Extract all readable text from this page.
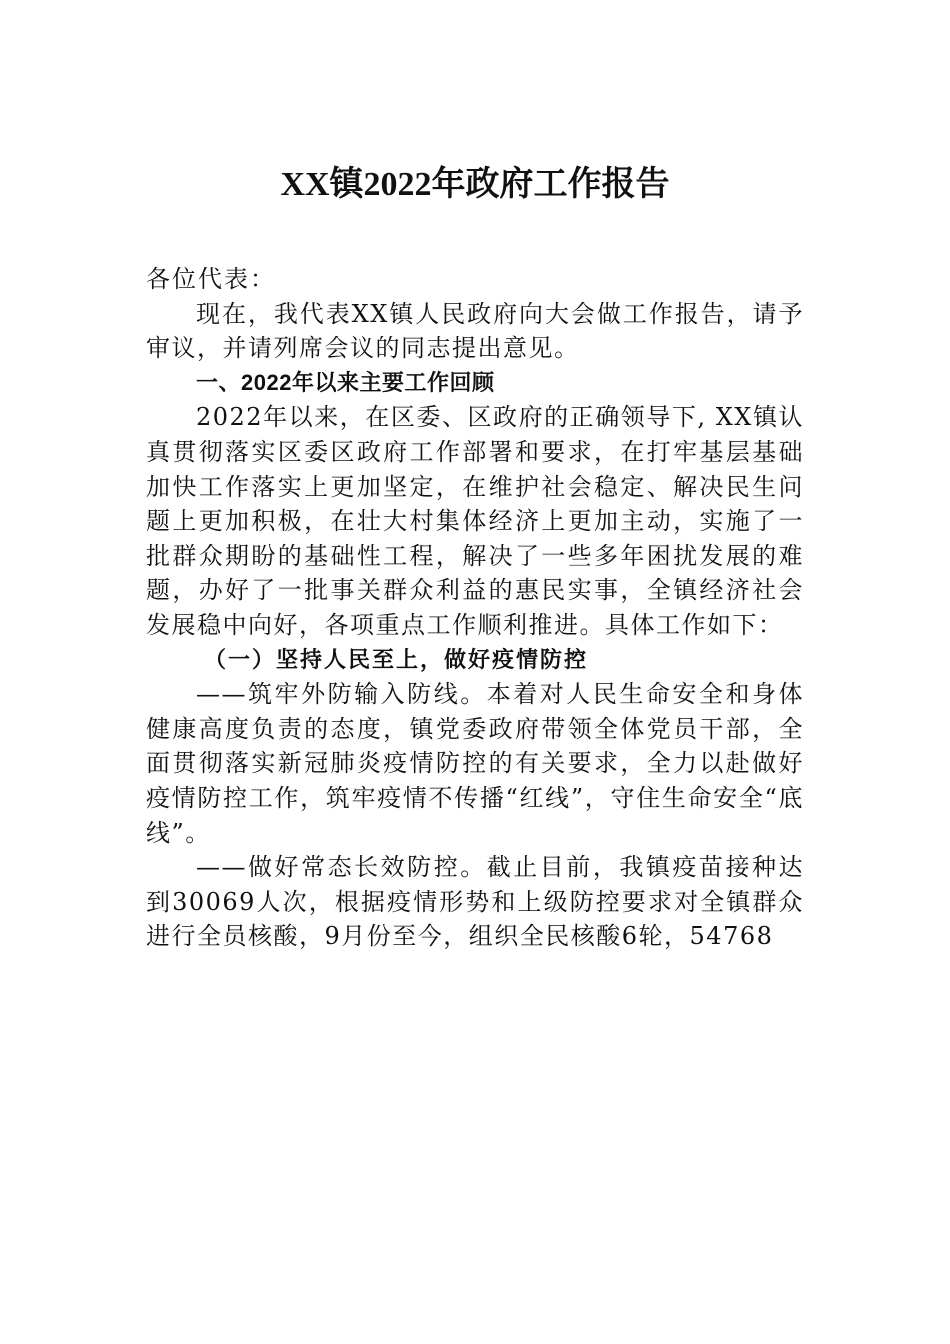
XX镇2022年政府工作报告

各位代表：

现在，我代表XX镇人民政府向大会做工作报告，请予审议，并请列席会议的同志提出意见。

一、2022年以来主要工作回顾

2022年以来，在区委、区政府的正确领导下, XX镇认真贯彻落实区委区政府工作部署和要求，在打牢基层基础加快工作落实上更加坚定，在维护社会稳定、解决民生问题上更加积极，在壮大村集体经济上更加主动，实施了一批群众期盼的基础性工程，解决了一些多年困扰发展的难题，办好了一批事关群众利益的惠民实事，全镇经济社会发展稳中向好，各项重点工作顺利推进。具体工作如下：

（一）坚持人民至上，做好疫情防控

——筑牢外防输入防线。本着对人民生命安全和身体健康高度负责的态度，镇党委政府带领全体党员干部，全面贯彻落实新冠肺炎疫情防控的有关要求，全力以赴做好疫情防控工作，筑牢疫情不传播“红线”，守住生命安全“底线”。

——做好常态长效防控。截止目前，我镇疫苗接种达到30069人次，根据疫情形势和上级防控要求对全镇群众进行全员核酸，9月份至今，组织全民核酸6轮，54768
